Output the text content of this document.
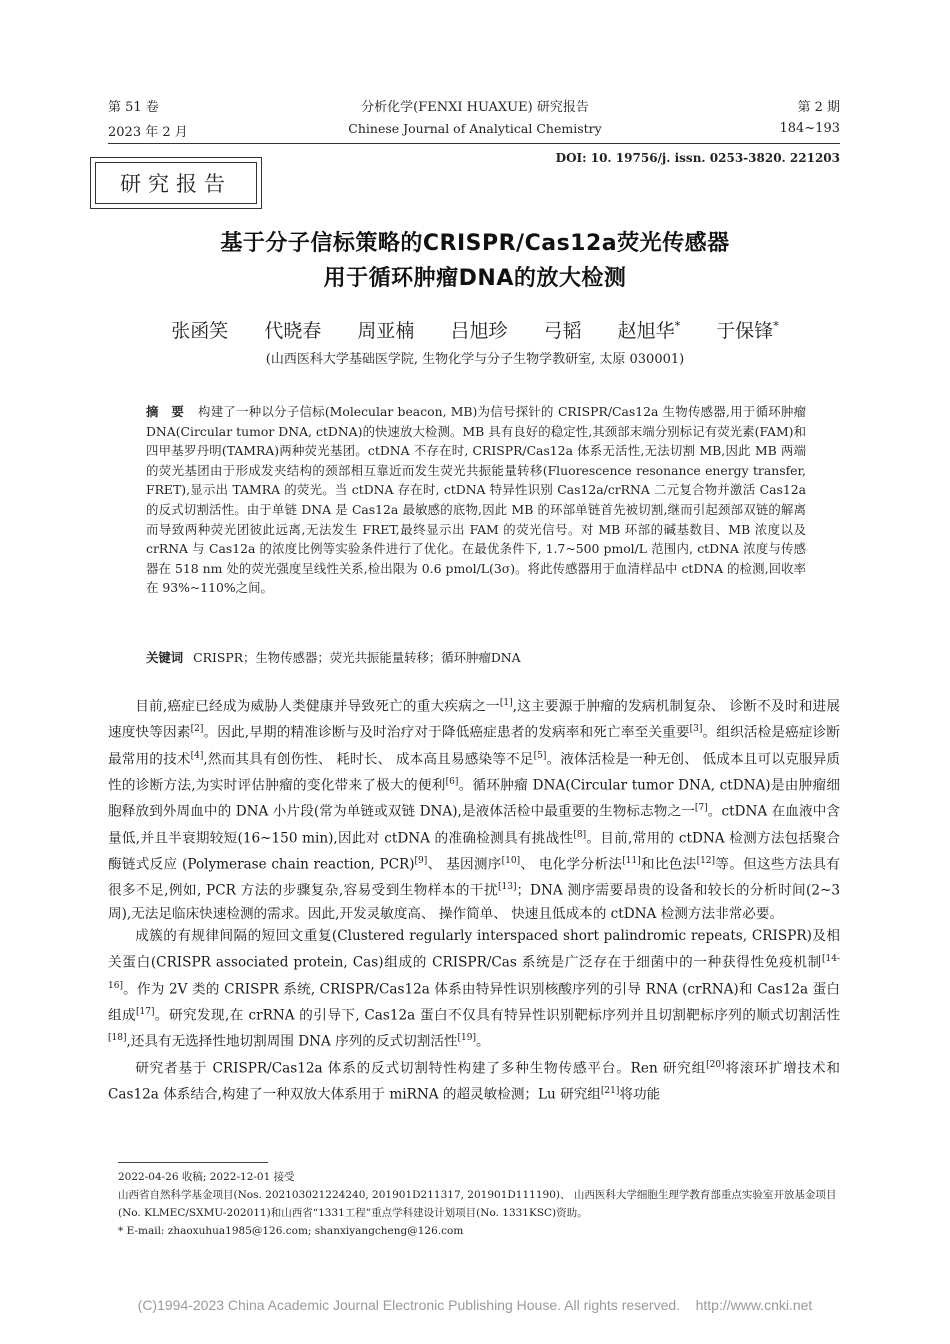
第 51 卷	分析化学(FENXI HUAXUE) 研究报告	第 2 期
2023 年 2 月	Chinese Journal of Analytical Chemistry	184~193
DOI: 10. 19756/j. issn. 0253-3820. 221203
研究报告
基于分子信标策略的CRISPR/Cas12a荧光传感器
用于循环肿瘤DNA的放大检测
张函笑 代晓春 周亚楠 吕旭珍 弓韬 赵旭华* 于保锋*
(山西医科大学基础医学院, 生物化学与分子生物学教研室, 太原 030001)
摘　要 构建了一种以分子信标(Molecular beacon, MB)为信号探针的 CRISPR/Cas12a 生物传感器,用于循环肿瘤 DNA(Circular tumor DNA, ctDNA)的快速放大检测。MB 具有良好的稳定性,其颈部末端分别标记有荧光素(FAM)和四甲基罗丹明(TAMRA)两种荧光基团。ctDNA 不存在时, CRISPR/Cas12a 体系无活性,无法切割 MB,因此 MB 两端的荧光基团由于形成发夹结构的颈部相互靠近而发生荧光共振能量转移(Fluorescence resonance energy transfer, FRET),显示出 TAMRA 的荧光。当 ctDNA 存在时, ctDNA 特异性识别 Cas12a/crRNA 二元复合物并激活 Cas12a 的反式切割活性。由于单链 DNA 是 Cas12a 最敏感的底物,因此 MB 的环部单链首先被切割,继而引起颈部双链的解离而导致两种荧光团彼此远离,无法发生 FRET,最终显示出 FAM 的荧光信号。对 MB 环部的碱基数目、MB 浓度以及 crRNA 与 Cas12a 的浓度比例等实验条件进行了优化。在最优条件下, 1.7~500 pmol/L 范围内, ctDNA 浓度与传感器在 518 nm 处的荧光强度呈线性关系,检出限为 0.6 pmol/L(3σ)。将此传感器用于血清样品中 ctDNA 的检测,回收率在 93%~110%之间。
关键词 CRISPR；生物传感器；荧光共振能量转移；循环肿瘤DNA

目前,癌症已经成为威胁人类健康并导致死亡的重大疾病之一[1],这主要源于肿瘤的发病机制复杂、 诊断不及时和进展速度快等因素[2]。因此,早期的精准诊断与及时治疗对于降低癌症患者的发病率和死亡率至关重要[3]。组织活检是癌症诊断最常用的技术[4],然而其具有创伤性、 耗时长、 成本高且易感染等不足[5]。液体活检是一种无创、 低成本且可以克服异质性的诊断方法,为实时评估肿瘤的变化带来了极大的便利[6]。循环肿瘤 DNA(Circular tumor DNA, ctDNA)是由肿瘤细胞释放到外周血中的 DNA 小片段(常为单链或双链 DNA),是液体活检中最重要的生物标志物之一[7]。ctDNA 在血液中含量低,并且半衰期较短(16~150 min),因此对 ctDNA 的准确检测具有挑战性[8]。目前,常用的 ctDNA 检测方法包括聚合酶链式反应 (Polymerase chain reaction, PCR)[9]、 基因测序[10]、 电化学分析法[11]和比色法[12]等。但这些方法具有很多不足,例如, PCR 方法的步骤复杂,容易受到生物样本的干扰[13]；DNA 测序需要昂贵的设备和较长的分析时间(2~3 周),无法足临床快速检测的需求。因此,开发灵敏度高、 操作简单、 快速且低成本的 ctDNA 检测方法非常必要。

成簇的有规律间隔的短回文重复(Clustered regularly interspaced short palindromic repeats, CRISPR)及相关蛋白(CRISPR associated protein, Cas)组成的 CRISPR/Cas 系统是广泛存在于细菌中的一种获得性免疫机制[14-16]。作为 2V 类的 CRISPR 系统, CRISPR/Cas12a 体系由特异性识别核酸序列的引导 RNA (crRNA)和 Cas12a 蛋白组成[17]。研究发现,在 crRNA 的引导下, Cas12a 蛋白不仅具有特异性识别靶标序列并且切割靶标序列的顺式切割活性[18],还具有无选择性地切割周围 DNA 序列的反式切割活性[19]。

研究者基于 CRISPR/Cas12a 体系的反式切割特性构建了多种生物传感平台。Ren 研究组[20]将滚环扩增技术和 Cas12a 体系结合,构建了一种双放大体系用于 miRNA 的超灵敏检测；Lu 研究组[21]将功能

2022-04-26 收稿; 2022-12-01 接受
山西省自然科学基金项目(Nos. 202103021224240, 201901D211317, 201901D111190)、 山西医科大学细胞生理学教育部重点实验室开放基金项目(No. KLMEC/SXMU-202011)和山西省“1331工程”重点学科建设计划项目(No. 1331KSC)资助。
* E-mail: zhaoxuhua1985@126.com; shanxiyangcheng@126.com
(C)1994-2023 China Academic Journal Electronic Publishing House. All rights reserved.    http://www.cnki.net
